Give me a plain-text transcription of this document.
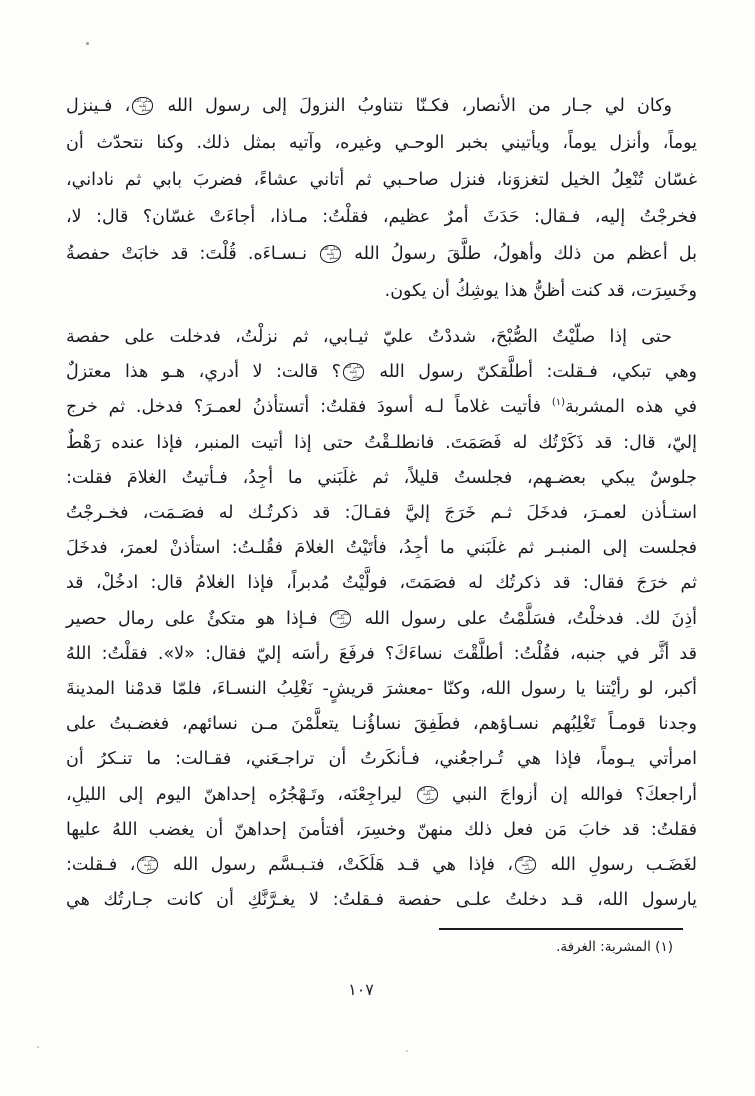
وكان لي جـار من الأنصار، فكـنّا نتناوبُ النزولَ إلى رسول الله صلى الله عليه وسلم، فـينزل
يوماً، وأنزل يوماً، ويأتيني بخبر الوحـي وغيره، وآتيه بمثل ذلك. وكنا نتحدّث أن
غسّان تُنْعِلُ الخيل لتغزوَنا، فنزل صاحـبي ثم أتاني عشاءً، فضربَ بابي ثم ناداني،
فخرجْتُ إليه، فـقال: حَدَثَ أمرٌ عظيم، فقلْتُ: مـاذا، أجاءَتْ غسّان؟ قال: لا،
بل أعظم من ذلك وأهولُ، طلَّقَ رسولُ الله صلى الله عليه وسلم نـسـاءَه. قُلْتَ: قد خابَتْ حفصةُ
وخَسِرَت، قد كنت أظنُّ هذا يوشِكُ أن يكون.
حتى إذا صلّيْتُ الصُّبْحَ، شددْتُ عليّ ثيـابي، ثم نزلْتُ، فدخلت على حفصة
وهي تبكي، فـقلت: أطلَّقكنّ رسول الله صلى الله عليه وسلم؟ قالت: لا أدري، هـو هذا معتزلٌ
في هذه المشربة$^{(١)}$ فأتيت غلاماً لـه أسودَ فقلتُ: أتستأذنُ لعمـرَ؟ فدخل. ثم خرج
إليّ، قال: قد ذَكَرْتُك له فَصَمَتَ. فانطلـقْتُ حتى إذا أتيت المنبر، فإذا عنده رَهْطٌ
جلوسٌ يبكي بعضـهم، فجلستُ قليلاً، ثم غلَبَني ما أجِدُ، فـأتيتُ الغلامَ فقلت:
استـأذن لعمـرَ، فدخَلَ ثـم خَرَجَ إليَّ فقـالَ: قد ذكرتُـك له فصَـمَت، فخـرجْتُ
فجلست إلى المنبـر ثم غلَبَني ما أجِدُ، فأتَيْتُ الغلامَ فقُلـتُ: استأذنْ لعمرَ، فدخَلَ
ثم خرَجَ فقال: قد ذكرتُك له فصَمَتَ، فولَّيْتُ مُدبراً، فإذا الغلامُ قال: ادخُلْ، قد
أذِنَ لك. فدخلْتُ، فسَلَّمْتُ على رسول الله صلى الله عليه وسلم فـإذا هو متكئٌ على رمال حصير
قد أثَّر في جنبه، فقُلْتُ: أطلَّقْتَ نساءَكَ؟ فرفَعَ رأسَه إليّ فقال: «لا». فقلْتُ: اللهُ
أكبر، لو رأيْتنا يا رسول الله، وكنّا -معشرَ قريشٍ- نَغْلِبُ النسـاءَ، فلمّا قدمْنا المدينةَ
وجدنا قومـاً تَغْلِبُهم نسـاؤهم، فطَفِقَ نساؤُنـا يتعلَّمْنَ مـن نسائهم، فغضـبتُ على
امرأتي يـوماً، فإذا هي تُـراجعُني، فـأنكَرتُ أن تراجـعَني، فقـالت: ما تنـكرُ أن
أراجعكَ؟ فوالله إن أزواجَ النبي صلى الله عليه وسلم ليراجِعْنَه، وتَـهْجُرُه إحداهنّ اليوم إلى الليلِ،
فقلتُ: قد خابَ مَن فعل ذلك منهنّ وخسِرَ، أفتأمنَ إحداهنّ أن يغضب اللهُ عليها
لغَضَـب رسولِ الله صلى الله عليه وسلم، فإذا هي قـد هَلَكَتْ، فتـبـسَّم رسول الله صلى الله عليه وسلم، فـقلت:
يارسول الله، قـد دخلتُ علـى حفصة فـقلتُ: لا يغـرَّنَّكِ أن كانت جـارتُك هي
(١) المشربة: الغرفة.
١٠٧
